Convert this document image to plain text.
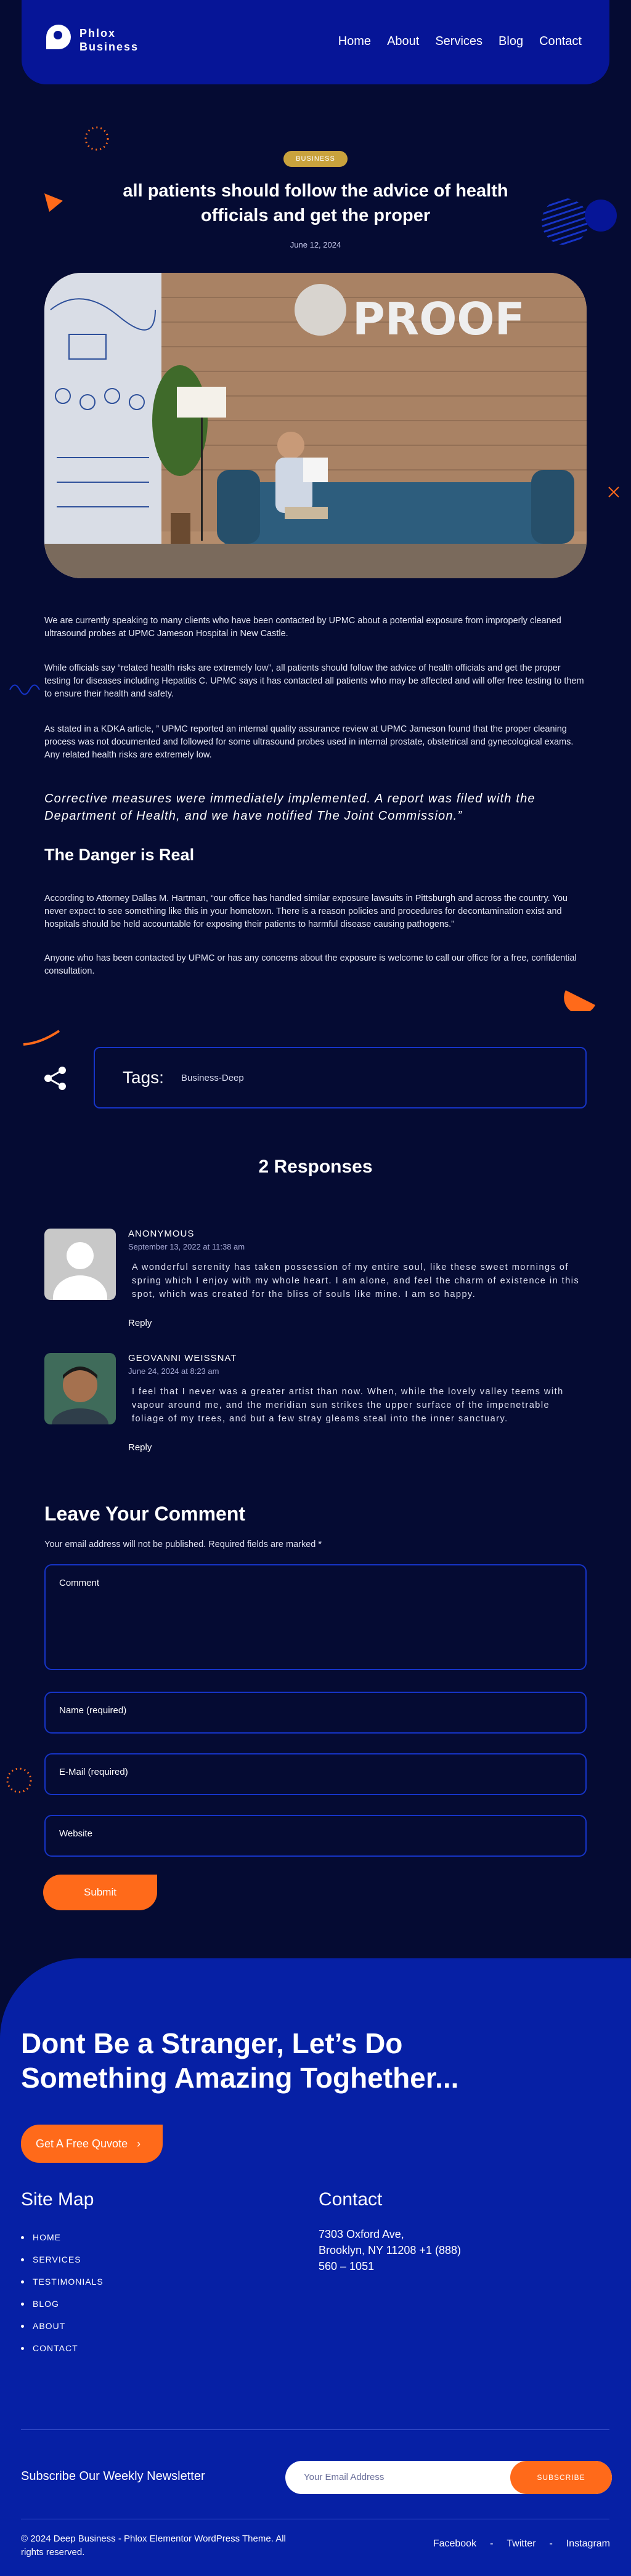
Phlox
Business	Home About Services Blog Contact
BUSINESS
all patients should follow the advice of health officials and get the proper
June 12, 2024
PROOF

We are currently speaking to many clients who have been contacted by UPMC about a potential exposure from improperly cleaned ultrasound probes at UPMC Jameson Hospital in New Castle.

While officials say “related health risks are extremely low”, all patients should follow the advice of health officials and get the proper testing for diseases including Hepatitis C. UPMC says it has contacted all patients who may be affected and will offer free testing to them to ensure their health and safety.

As stated in a KDKA article, ” UPMC reported an internal quality assurance review at UPMC Jameson found that the proper cleaning process was not documented and followed for some ultrasound probes used in internal prostate, obstetrical and gynecological exams. Any related health risks are extremely low.

Corrective measures were immediately implemented. A report was filed with the Department of Health, and we have notified The Joint Commission.”
The Danger is Real

According to Attorney Dallas M. Hartman, “our office has handled similar exposure lawsuits in Pittsburgh and across the country. You never expect to see something like this in your hometown. There is a reason policies and procedures for decontamination exist and hospitals should be held accountable for exposing their patients to harmful disease causing pathogens.”

Anyone who has been contacted by UPMC or has any concerns about the exposure is welcome to call our office for a free, confidential consultation.

Tags: Business-Deep
2 Responses
ANONYMOUS
September 13, 2022 at 11:38 am

A wonderful serenity has taken possession of my entire soul, like these sweet mornings of spring which I enjoy with my whole heart. I am alone, and feel the charm of existence in this spot, which was created for the bliss of souls like mine. I am so happy.

Reply
GEOVANNI WEISSNAT
June 24, 2024 at 8:23 am

I feel that I never was a greater artist than now. When, while the lovely valley teems with vapour around me, and the meridian sun strikes the upper surface of the impenetrable foliage of my trees, and but a few stray gleams steal into the inner sanctuary.

Reply
Leave Your Comment

Your email address will not be published. Required fields are marked *

Comment
Name (required)
E-Mail (required)
Website
Submit
Dont Be a Stranger, Let’s Do Something Amazing Toghether...
Get A Free Quvote ›
Site Map
HOME
SERVICES
TESTIMONIALS
BLOG
ABOUT
CONTACT
Contact
7303 Oxford Ave,
Brooklyn, NY 11208 +1 (888)
560 – 1051
Subscribe Our Weekly Newsletter	Your Email Address	SUBSCRIBE
© 2024 Deep Business - Phlox Elementor WordPress Theme. All rights reserved.
Facebook - Twitter - Instagram
